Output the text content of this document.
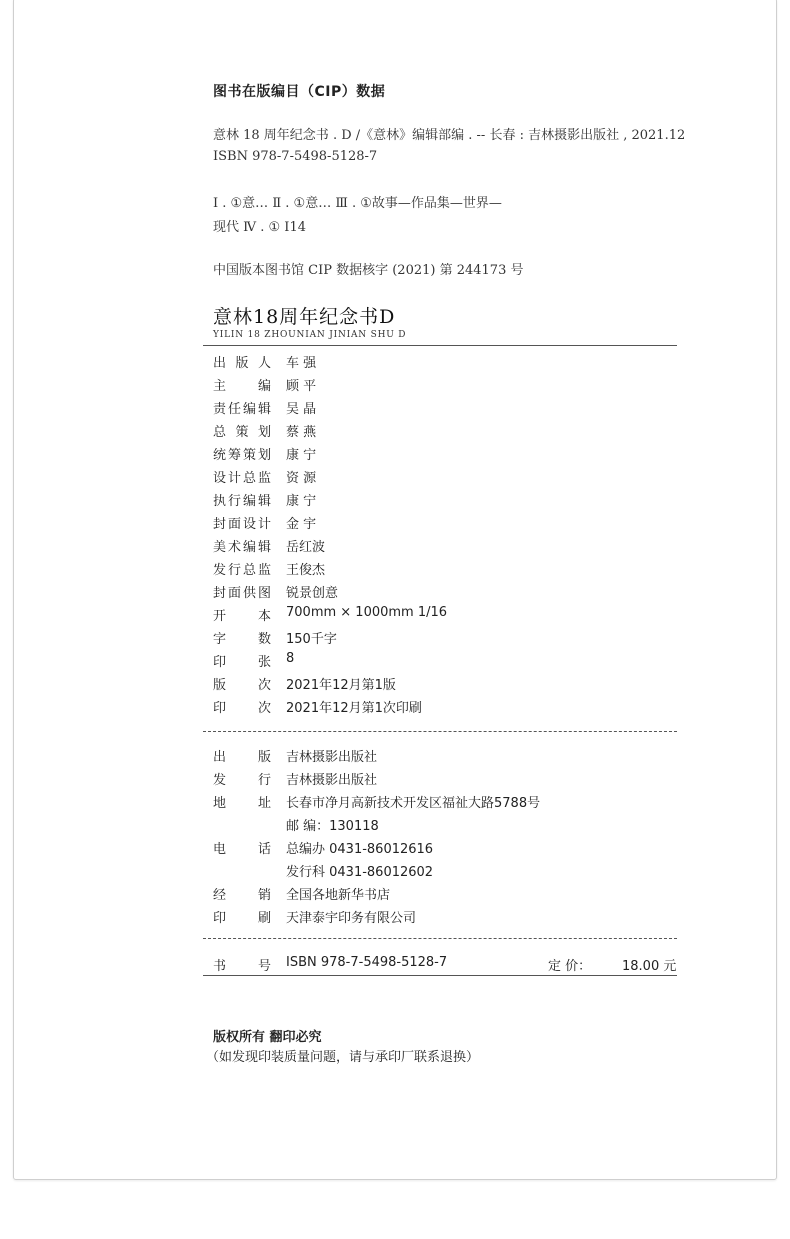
图书在版编目（CIP）数据
意林 18 周年纪念书 . D /《意林》编辑部编 . -- 长春 : 吉林摄影出版社 , 2021.12
ISBN 978-7-5498-5128-7
Ⅰ . ①意… Ⅱ . ①意… Ⅲ . ①故事—作品集—世界—
现代 Ⅳ . ① I14
中国版本图书馆 CIP 数据核字 (2021) 第 244173 号
意林18周年纪念书D
YILIN 18 ZHOUNIAN JINIAN SHU D
出版人 车 强
主编 顾 平
责任编辑 吴 晶
总策划 蔡 燕
统筹策划 康 宁
设计总监 资 源
执行编辑 康 宁
封面设计 金 宇
美术编辑 岳红波
发行总监 王俊杰
封面供图 锐景创意
开本 700mm × 1000mm 1/16
字数 150千字
印张 8
版次 2021年12月第1版
印次 2021年12月第1次印刷
出版 吉林摄影出版社
发行 吉林摄影出版社
地址 长春市净月高新技术开发区福祉大路5788号
邮 编：130118
电话 总编办 0431-86012616
发行科 0431-86012602
经销 全国各地新华书店
印刷 天津泰宇印务有限公司
书号 ISBN 978-7-5498-5128-7	定 价： 18.00 元
版权所有 翻印必究
（如发现印装质量问题，请与承印厂联系退换）
